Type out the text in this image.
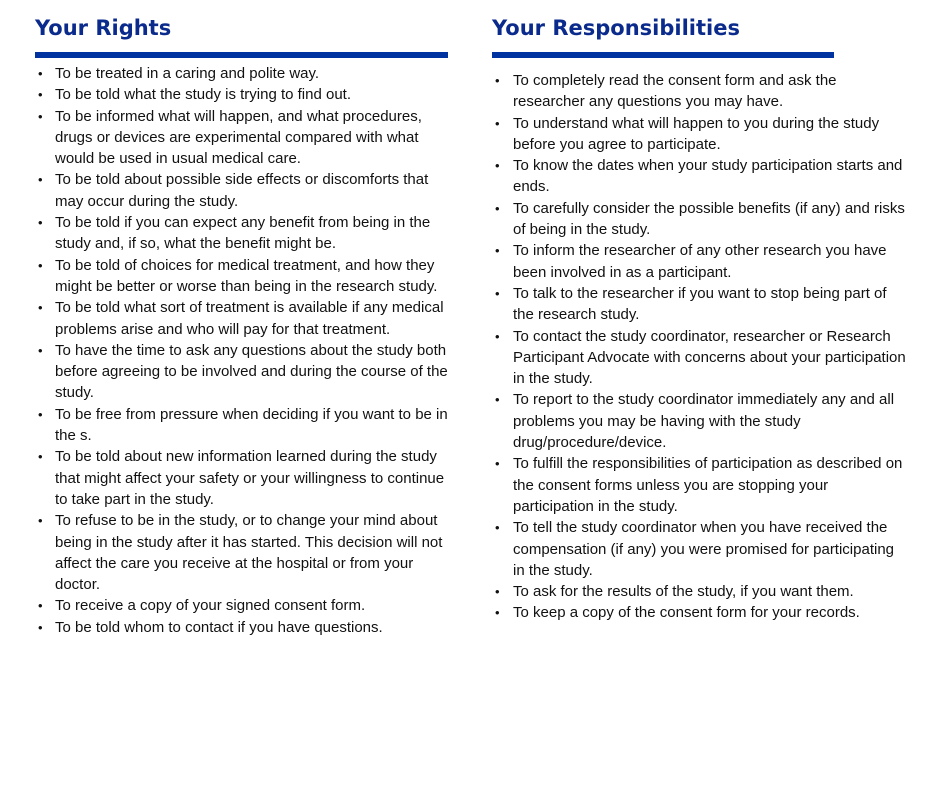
Your Rights
• To be treated in a caring and polite way.
• To be told what the study is trying to find out.
• To be informed what will happen, and what procedures, drugs or devices are experimental compared with what would be used in usual medical care.
• To be told about possible side effects or discomforts that may occur during the study.
• To be told if you can expect any benefit from being in the study and, if so, what the benefit might be.
• To be told of choices for medical treatment, and how they might be better or worse than being in the research study.
• To be told what sort of treatment is available if any medical problems arise and who will pay for that treatment.
• To have the time to ask any questions about the study both before agreeing to be involved and during the course of the study.
• To be free from pressure when deciding if you want to be in the s.
• To be told about new information learned during the study that might affect your safety or your willingness to continue to take part in the study.
• To refuse to be in the study, or to change your mind about being in the study after it has started. This decision will not affect the care you receive at the hospital or from your doctor.
• To receive a copy of your signed consent form.
• To be told whom to contact if you have questions.
Your Responsibilities
• To completely read the consent form and ask the researcher any questions you may have.
• To understand what will happen to you during the study before you agree to participate.
• To know the dates when your study participation starts and ends.
• To carefully consider the possible benefits (if any) and risks of being in the study.
• To inform the researcher of any other research you have been involved in as a participant.
• To talk to the researcher if you want to stop being part of the research study.
• To contact the study coordinator, researcher or Research Participant Advocate with concerns about your participation in the study.
• To report to the study coordinator immediately any and all problems you may be having with the study drug/procedure/device.
• To fulfill the responsibilities of participation as described on the consent forms unless you are stopping your participation in the study.
• To tell the study coordinator when you have received the compensation (if any) you were promised for participating in the study.
• To ask for the results of the study, if you want them.
• To keep a copy of the consent form for your records.
